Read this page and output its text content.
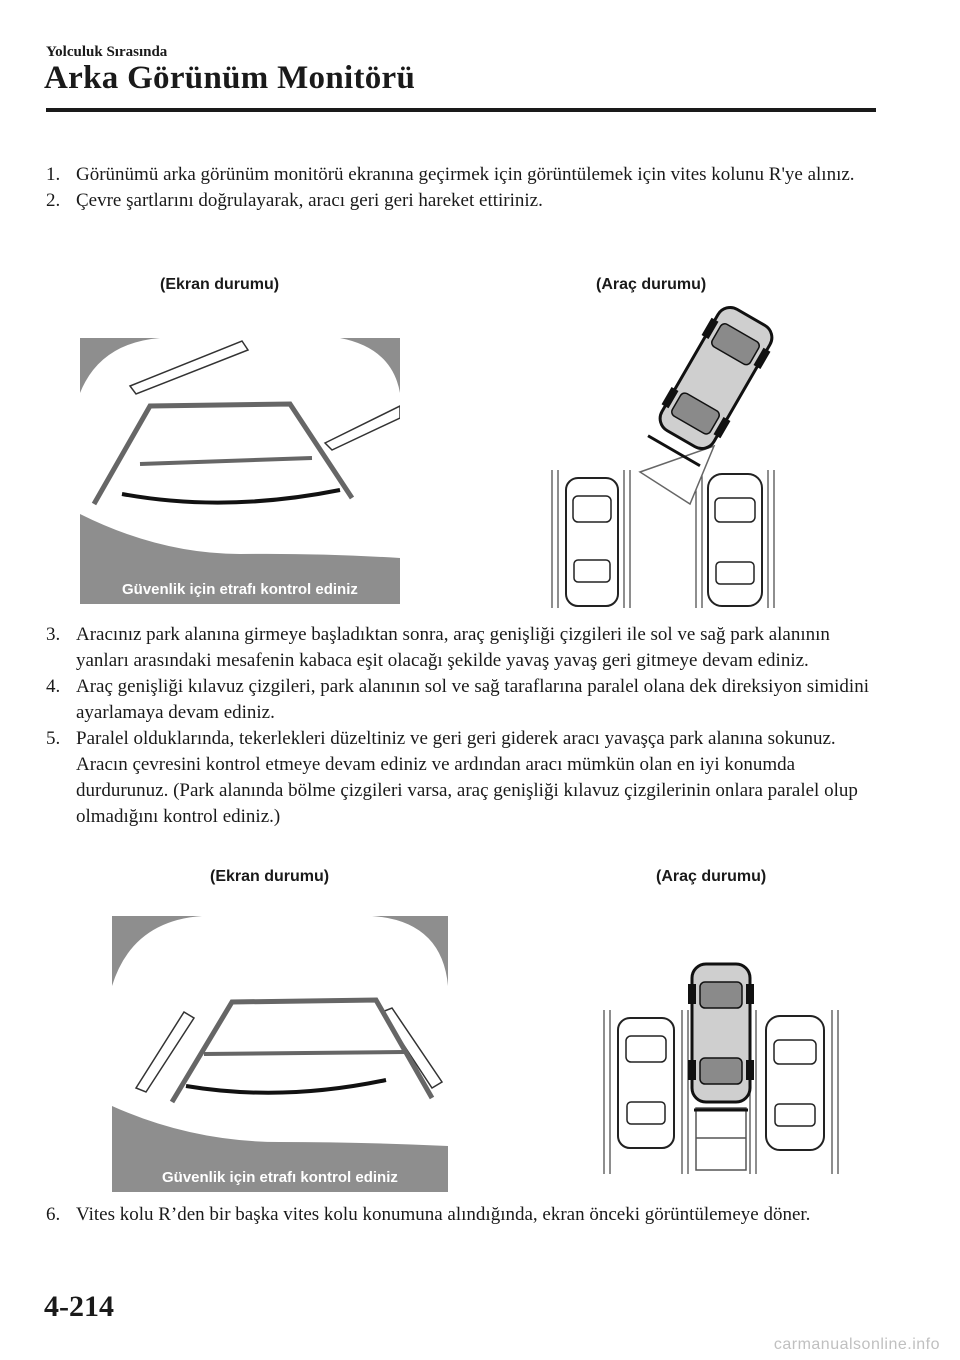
Yolculuk Sırasında
Arka Görünüm Monitörü
1. Görünümü arka görünüm monitörü ekranına geçirmek için görüntülemek için vites kolunu R'ye alınız.
2. Çevre şartlarını doğrulayarak, aracı geri geri hareket ettiriniz.
(Ekran durumu)	(Araç durumu)
Güvenlik için etrafı kontrol ediniz
3. Aracınız park alanına girmeye başladıktan sonra, araç genişliği çizgileri ile sol ve sağ park alanının yanları arasındaki mesafenin kabaca eşit olacağı şekilde yavaş yavaş geri gitmeye devam ediniz.
4. Araç genişliği kılavuz çizgileri, park alanının sol ve sağ taraflarına paralel olana dek direksiyon simidini ayarlamaya devam ediniz.
5. Paralel olduklarında, tekerlekleri düzeltiniz ve geri geri giderek aracı yavaşça park alanına sokunuz. Aracın çevresini kontrol etmeye devam ediniz ve ardından aracı mümkün olan en iyi konumda durdurunuz. (Park alanında bölme çizgileri varsa, araç genişliği kılavuz çizgilerinin onlara paralel olup olmadığını kontrol ediniz.)
(Ekran durumu)	(Araç durumu)
Güvenlik için etrafı kontrol ediniz
6. Vites kolu R’den bir başka vites kolu konumuna alındığında, ekran önceki görüntülemeye döner.
4-214
carmanualsonline.info
